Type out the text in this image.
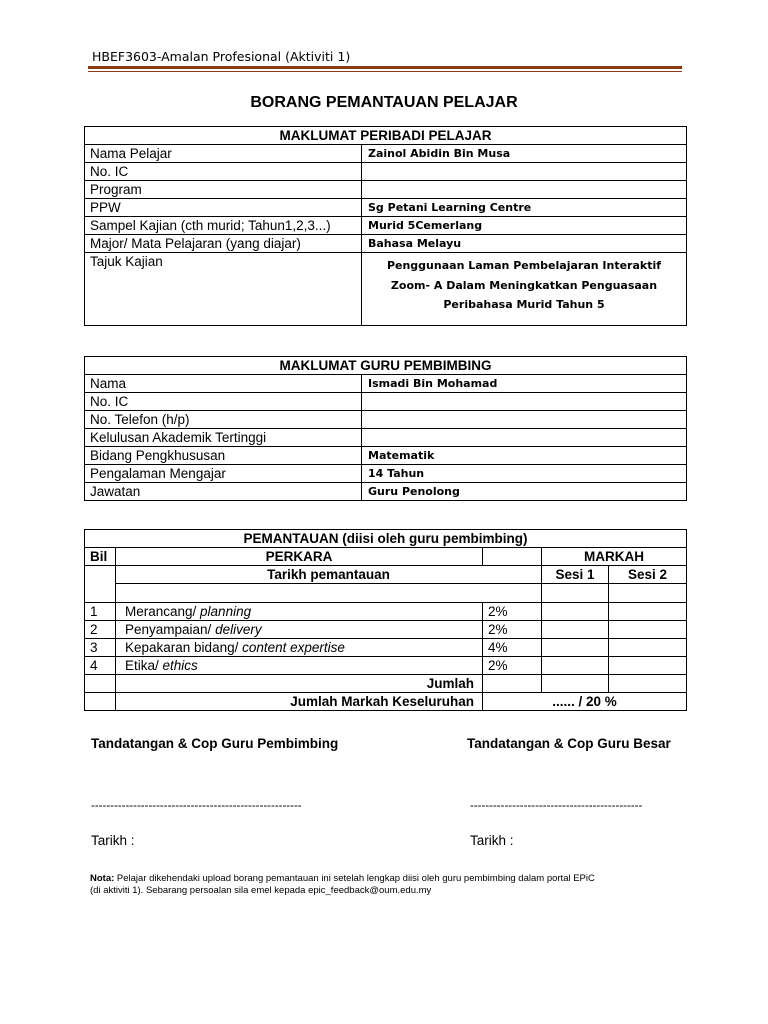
HBEF3603-Amalan Profesional (Aktiviti 1)
BORANG PEMANTAUAN PELAJAR
MAKLUMAT PERIBADI PELAJAR	
Nama Pelajar	Zainol Abidin Bin Musa
No. IC	
Program	
PPW	Sg Petani Learning Centre
Sampel Kajian (cth murid; Tahun1,2,3...)	Murid 5Cemerlang
Major/ Mata Pelajaran (yang diajar)	Bahasa Melayu
Tajuk Kajian	Penggunaan Laman Pembelajaran Interaktif Zoom- A Dalam Meningkatkan Penguasaan Peribahasa Murid Tahun 5
MAKLUMAT GURU PEMBIMBING	
Nama	Ismadi Bin Mohamad
No. IC	
No. Telefon (h/p)	
Kelulusan Akademik Tertinggi	
Bidang Pengkhususan	Matematik
Pengalaman Mengajar	14 Tahun
Jawatan	Guru Penolong
PEMANTAUAN (diisi oleh guru pembimbing)				
Bil	PERKARA		MARKAH	
	Tarikh pemantauan		Sesi 1	Sesi 2

1	Merancang/ planning	2%		
2	Penyampaian/ delivery	2%		
3	Kepakaran bidang/ content expertise	4%		
4	Etika/ ethics	2%		
	Jumlah			
	Jumlah Markah Keseluruhan	...... / 20 %		
Tandatangan & Cop Guru Pembimbing	Tandatangan & Cop Guru Besar
-------------------------------------------------------	---------------------------------------------
Tarikh :	Tarikh :
Nota: Pelajar dikehendaki upload borang pemantauan ini setelah lengkap diisi oleh guru pembimbing dalam portal EPiC
(di aktiviti 1). Sebarang persoalan sila emel kepada epic_feedback@oum.edu.my
